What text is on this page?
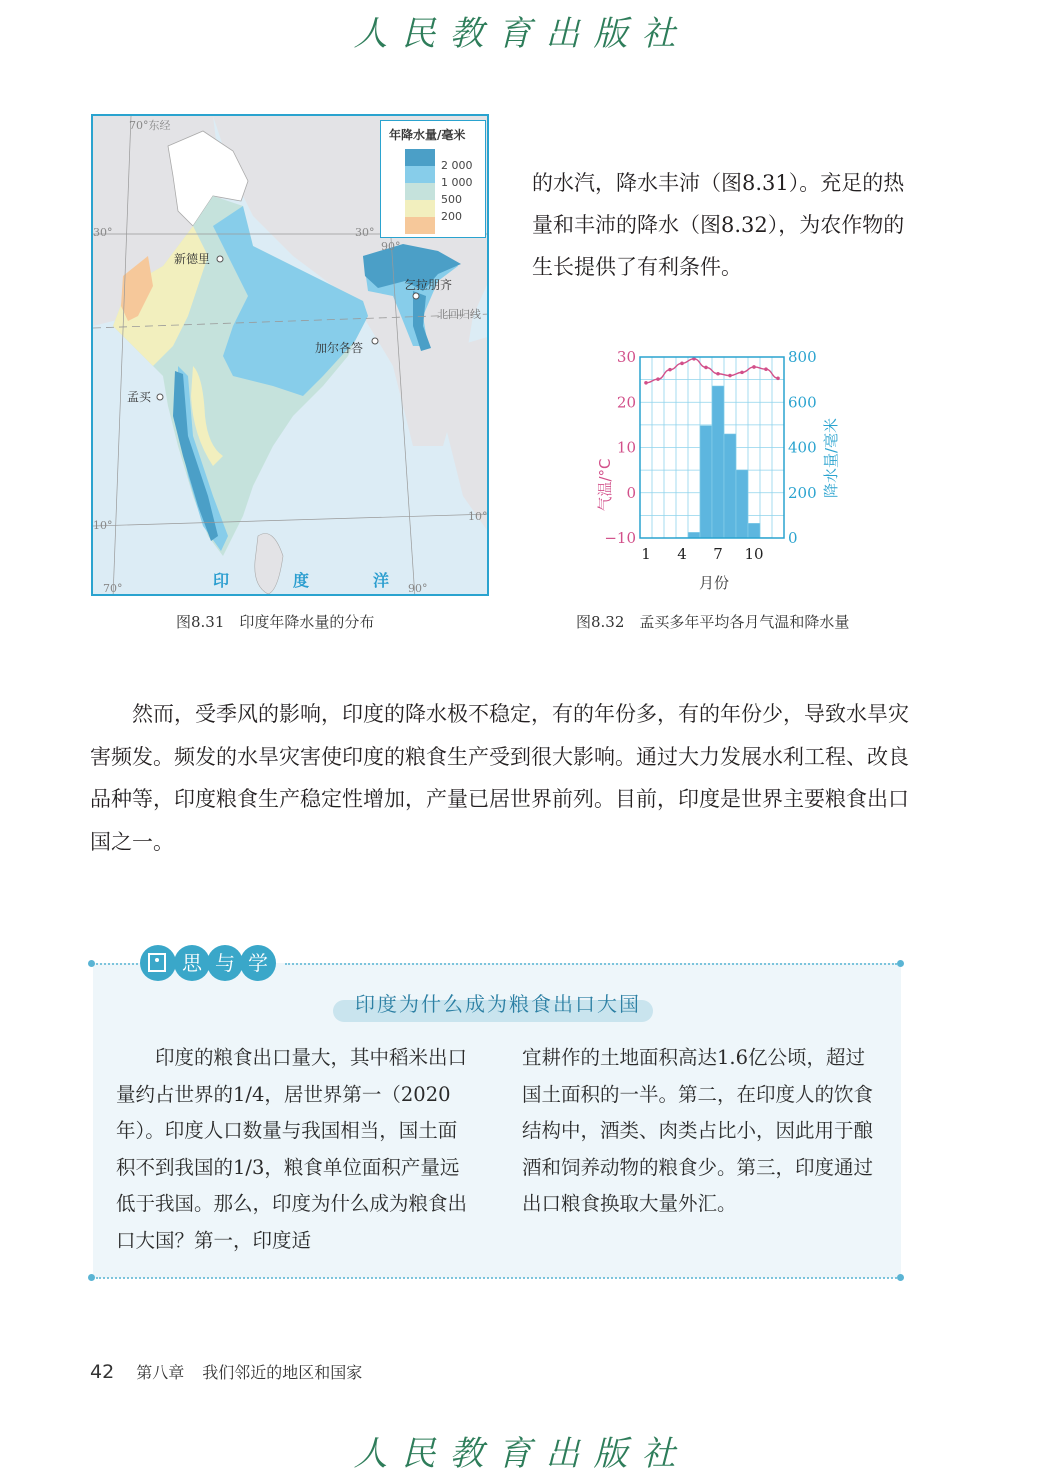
人民教育出版社
70°东经
30°	30°
90°
10°
10°
70°	90°
新德里
乞拉朋齐
加尔各答
孟买
北回归线
印	度	洋
年降水量/毫米
2 000
1 000
500
200
图8.31　印度年降水量的分布
的水汽，降水丰沛（图8.31）。充足的热量和丰沛的降水（图8.32），为农作物的生长提供了有利条件。
30
20
10
0
−10
800
600
400
200
0
1 4 7 10
气温/°C	降水量/毫米
月份
图8.32　孟买多年平均各月气温和降水量

然而，受季风的影响，印度的降水极不稳定，有的年份多，有的年份少，导致水旱灾害频发。频发的水旱灾害使印度的粮食生产受到很大影响。通过大力发展水利工程、改良品种等，印度粮食生产稳定性增加，产量已居世界前列。目前，印度是世界主要粮食出口国之一。

思 与 学
印度为什么成为粮食出口大国
印度的粮食出口量大，其中稻米出口量约占世界的1/4，居世界第一（2020年）。印度人口数量与我国相当，国土面积不到我国的1/3，粮食单位面积产量远低于我国。那么，印度为什么成为粮食出口大国？第一，印度适
宜耕作的土地面积高达1.6亿公顷，超过国土面积的一半。第二，在印度人的饮食结构中，酒类、肉类占比小，因此用于酿酒和饲养动物的粮食少。第三，印度通过出口粮食换取大量外汇。
42 第八章 我们邻近的地区和国家
人民教育出版社
